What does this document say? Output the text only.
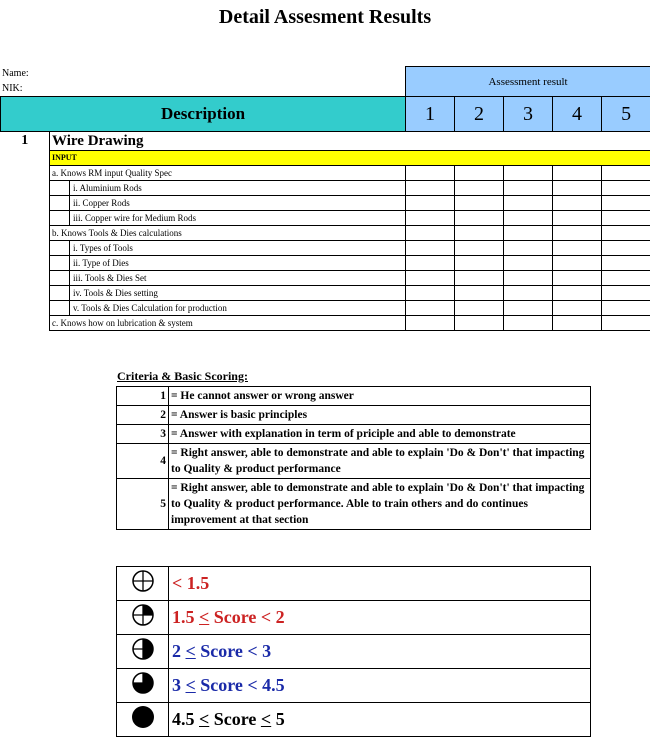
Detail Assesment Results
Name:
NIK:
			Assessment result				
Description			1	2	3	4	5
1	Wire Drawing						
	INPUT						
	a. Knows RM input Quality Spec						
		i. Aluminium Rods					
		ii. Copper Rods					
		iii. Copper wire for Medium Rods					
	b. Knows Tools & Dies calculations						
		i. Types of Tools					
		ii. Type of Dies					
		iii. Tools & Dies Set					
		iv. Tools & Dies setting					
		v. Tools & Dies Calculation for production					
	c. Knows how on lubrication & system						
Criteria & Basic Scoring:
1	= He cannot answer or wrong answer
2	= Answer is basic principles
3	= Answer with explanation in term of priciple and able to demonstrate
4	= Right answer, able to demonstrate and able to explain 'Do & Don't' that impacting to Quality & product performance
5	= Right answer, able to demonstrate and able to explain 'Do & Don't' that impacting to Quality & product performance. Able to train others and do continues improvement at that section
	< 1.5
	1.5 < Score < 2
	2 < Score < 3
	3 < Score < 4.5
	4.5 < Score < 5
